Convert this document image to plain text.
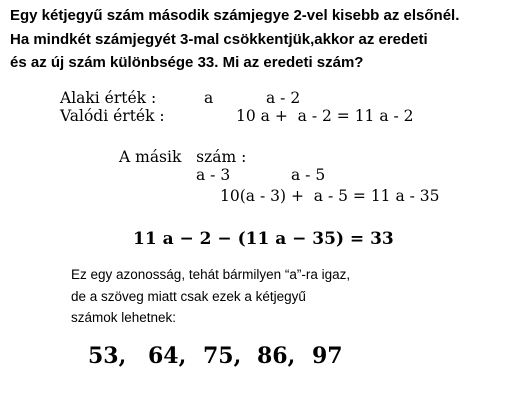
Egy kétjegyű szám második számjegye 2-vel kisebb az elsőnél.
Ha mindkét számjegyét 3-mal csökkentjük,akkor az eredeti
és az új szám különbsége 33. Mi az eredeti szám?
Alaki érték :	a	a - 2
Valódi érték :	10 a +  a - 2 = 11 a - 2
A másik   szám :
a - 3	a - 5
10(a - 3) +  a - 5 = 11 a - 35
11 a − 2 − (11 a − 35) = 33
Ez egy azonosság, tehát bármilyen “a”-ra igaz,
de a szöveg miatt csak ezek a kétjegyű
számok lehetnek:
53, 64, 75, 86, 97
